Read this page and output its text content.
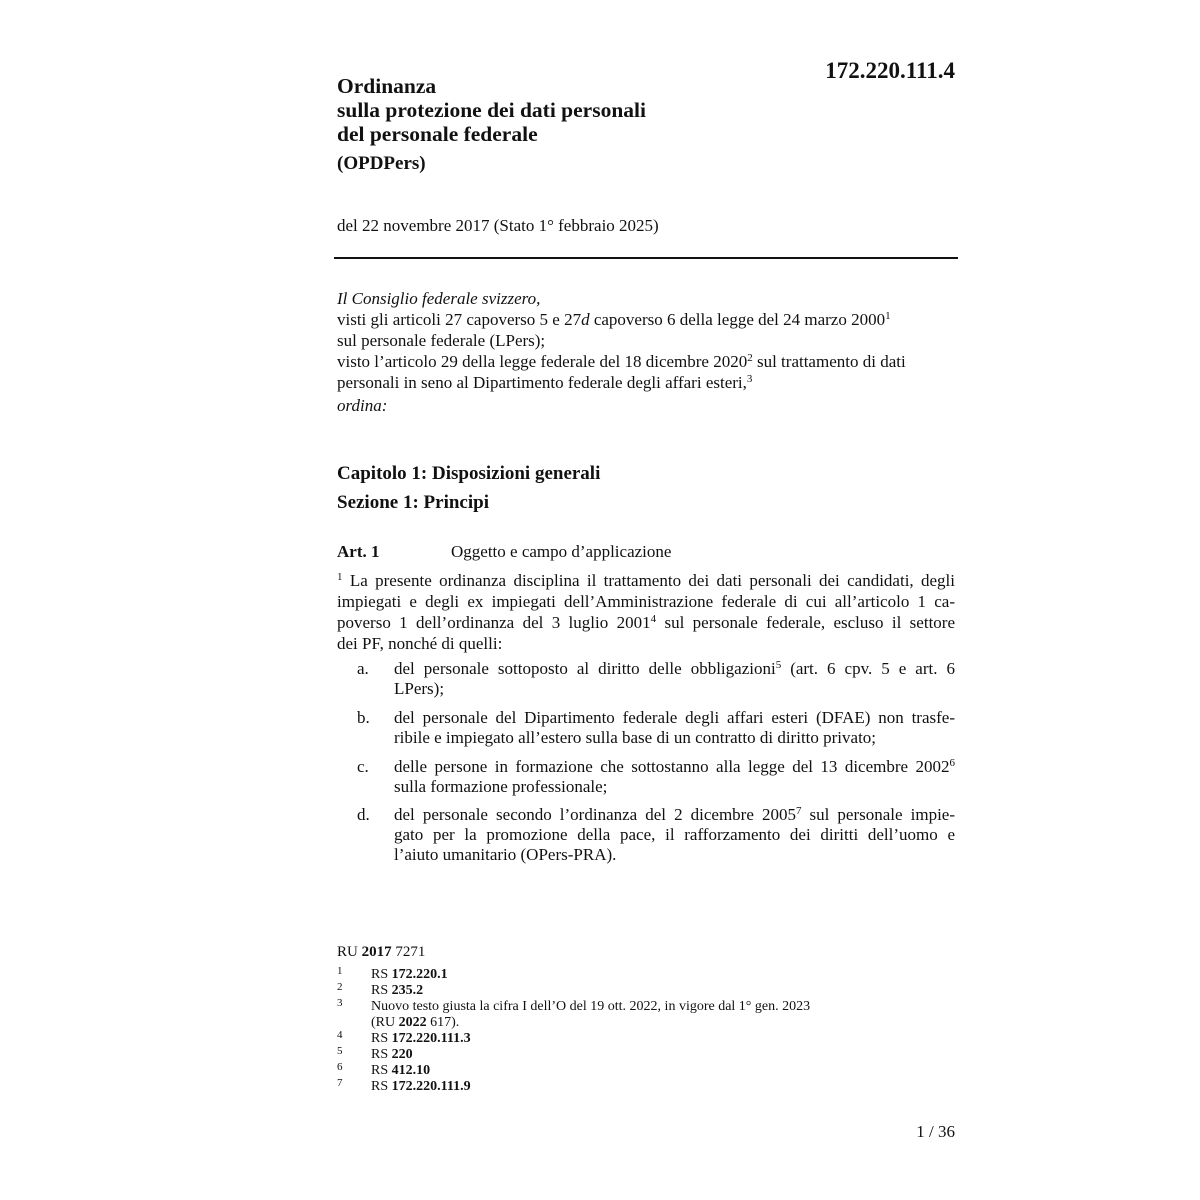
172.220.111.4
Ordinanza
sulla protezione dei dati personali
del personale federale
(OPDPers)
del 22 novembre 2017 (Stato 1° febbraio 2025)
Il Consiglio federale svizzero,
visti gli articoli 27 capoverso 5 e 27d capoverso 6 della legge del 24 marzo 2000$^1$
sul personale federale (LPers);
visto l’articolo 29 della legge federale del 18 dicembre 2020$^2$ sul trattamento di dati
personali in seno al Dipartimento federale degli affari esteri,$^3$
ordina:
Capitolo 1: Disposizioni generali
Sezione 1: Principi
Art. 1	Oggetto e campo d’applicazione
$^1$ La presente ordinanza disciplina il trattamento dei dati personali dei candidati, degli
impiegati e degli ex impiegati dell’Amministrazione federale di cui all’articolo 1 ca-
poverso 1 dell’ordinanza del 3 luglio 2001$^4$ sul personale federale, escluso il settore
dei PF, nonché di quelli:
a. del personale sottoposto al diritto delle obbligazioni$^5$ (art. 6 cpv. 5 e art. 6
LPers);
b. del personale del Dipartimento federale degli affari esteri (DFAE) non trasfe-
ribile e impiegato all’estero sulla base di un contratto di diritto privato;
c. delle persone in formazione che sottostanno alla legge del 13 dicembre 2002$^6$
sulla formazione professionale;
d. del personale secondo l’ordinanza del 2 dicembre 2005$^7$ sul personale impie-
gato per la promozione della pace, il rafforzamento dei diritti dell’uomo e
l’aiuto umanitario (OPers-PRA).
RU 2017 7271
1 RS 172.220.1
2 RS 235.2
3 Nuovo testo giusta la cifra I dell’O del 19 ott. 2022, in vigore dal 1° gen. 2023
(RU 2022 617).
4 RS 172.220.111.3
5 RS 220
6 RS 412.10
7 RS 172.220.111.9
1 / 36
